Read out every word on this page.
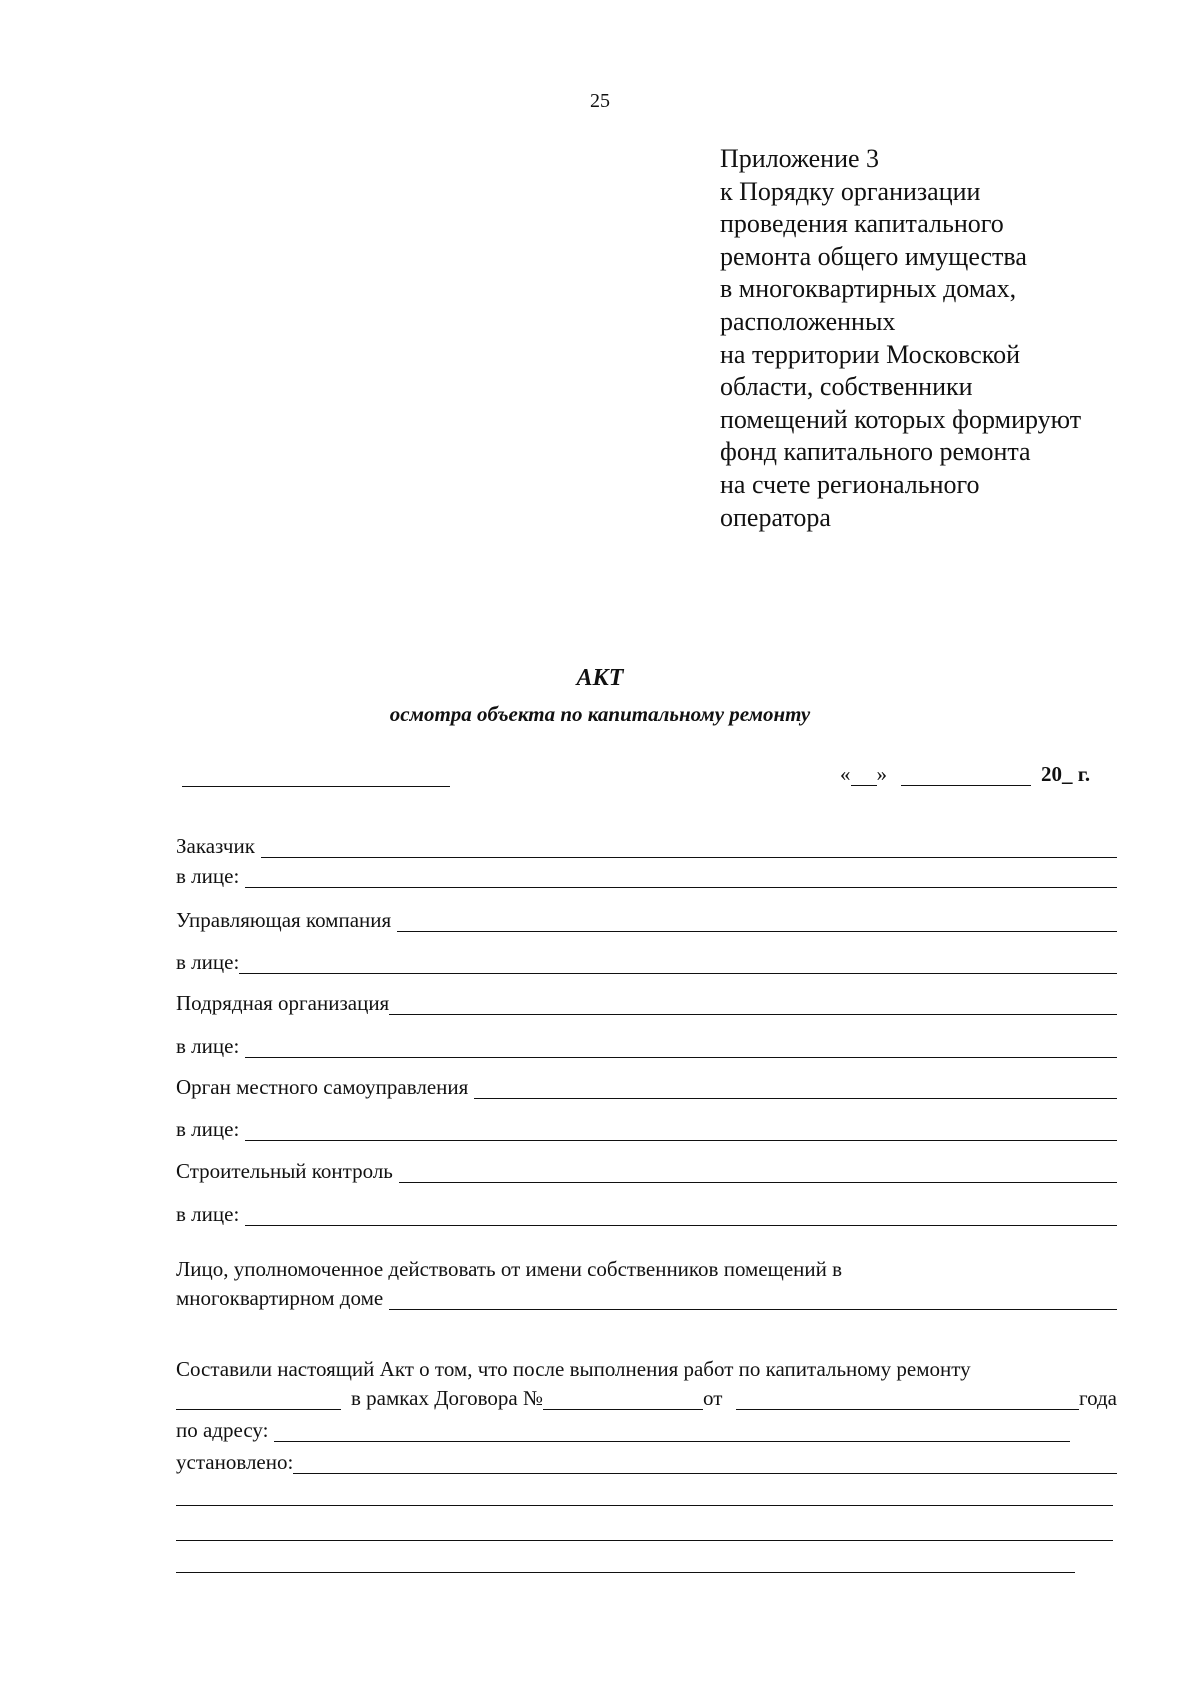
25
Приложение 3
к Порядку организации
проведения капитального
ремонта общего имущества
в многоквартирных домах,
расположенных
на территории Московской
области, собственники
помещений которых формируют
фонд капитального ремонта
на счете регионального
оператора
АКТ
осмотра объекта по капитальному ремонту
« »	20_ г.
Заказчик
в лице:
Управляющая компания
в лице:
Подрядная организация
в лице:
Орган местного самоуправления
в лице:
Строительный контроль
в лице:
Лицо, уполномоченное действовать от имени собственников помещений в
многоквартирном доме
Составили настоящий Акт о том, что после выполнения работ по капитальному ремонту
в рамках Договора №	от	года
по адресу:
установлено:
